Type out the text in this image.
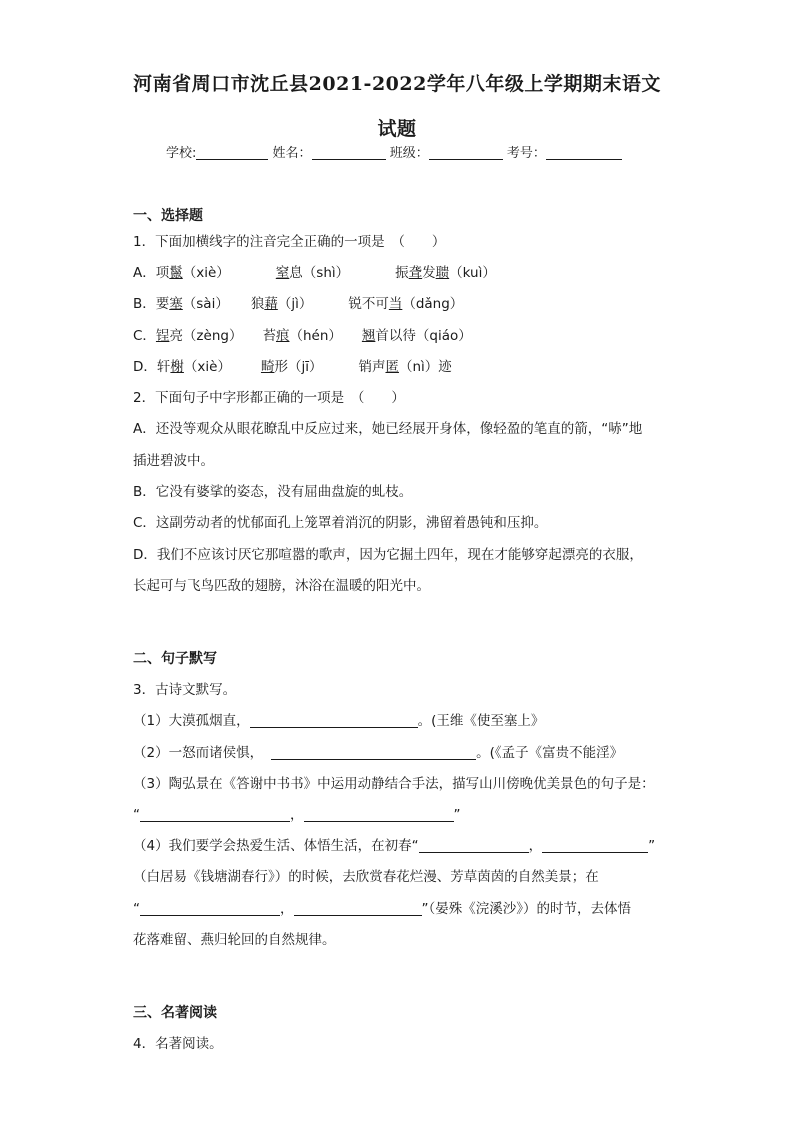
河南省周口市沈丘县2021-2022学年八年级上学期期末语文
试题
学校:	姓名：	班级：	考号：
一、选择题
1．下面加横线字的注音完全正确的一项是　（　　）
A．项鬣（xiè）	窒息（shì）	振聋发聩（kuì）
B．要塞（sài） 狼藉（jì）	锐不可当（dǎng）
C．锃亮（zèng） 苔痕（hén） 翘首以待（qiáo）
D．轩榭（xiè） 畸形（jī）	销声匿（nì）迹
2．下面句子中字形都正确的一项是　（　　）
A．还没等观众从眼花瞭乱中反应过来，她已经展开身体，像轻盈的笔直的箭，“哧”地
插进碧波中。
B．它没有婆挲的姿态，没有屈曲盘旋的虬枝。
C．这副劳动者的忧郁面孔上笼罩着消沉的阴影，沸留着愚钝和压抑。
D．我们不应该讨厌它那喧嚣的歌声，因为它掘土四年，现在才能够穿起漂亮的衣服，
长起可与飞鸟匹敌的翅膀，沐浴在温暖的阳光中。
二、句子默写
3．古诗文默写。
（1）大漠孤烟直，	。(王维《使至塞上》
（2）一怒而诸侯惧，	。(《孟子《富贵不能淫》
（3）陶弘景在《答谢中书书》中运用动静结合手法，描写山川傍晚优美景色的句子是：
“	，	”
（4）我们要学会热爱生活、体悟生活，在初春“	，	”
（白居易《钱塘湖春行》）的时候，去欣赏春花烂漫、芳草茵茵的自然美景；在
“	，	”（晏殊《浣溪沙》）的时节，去体悟
花落难留、燕归轮回的自然规律。
三、名著阅读
4．名著阅读。
